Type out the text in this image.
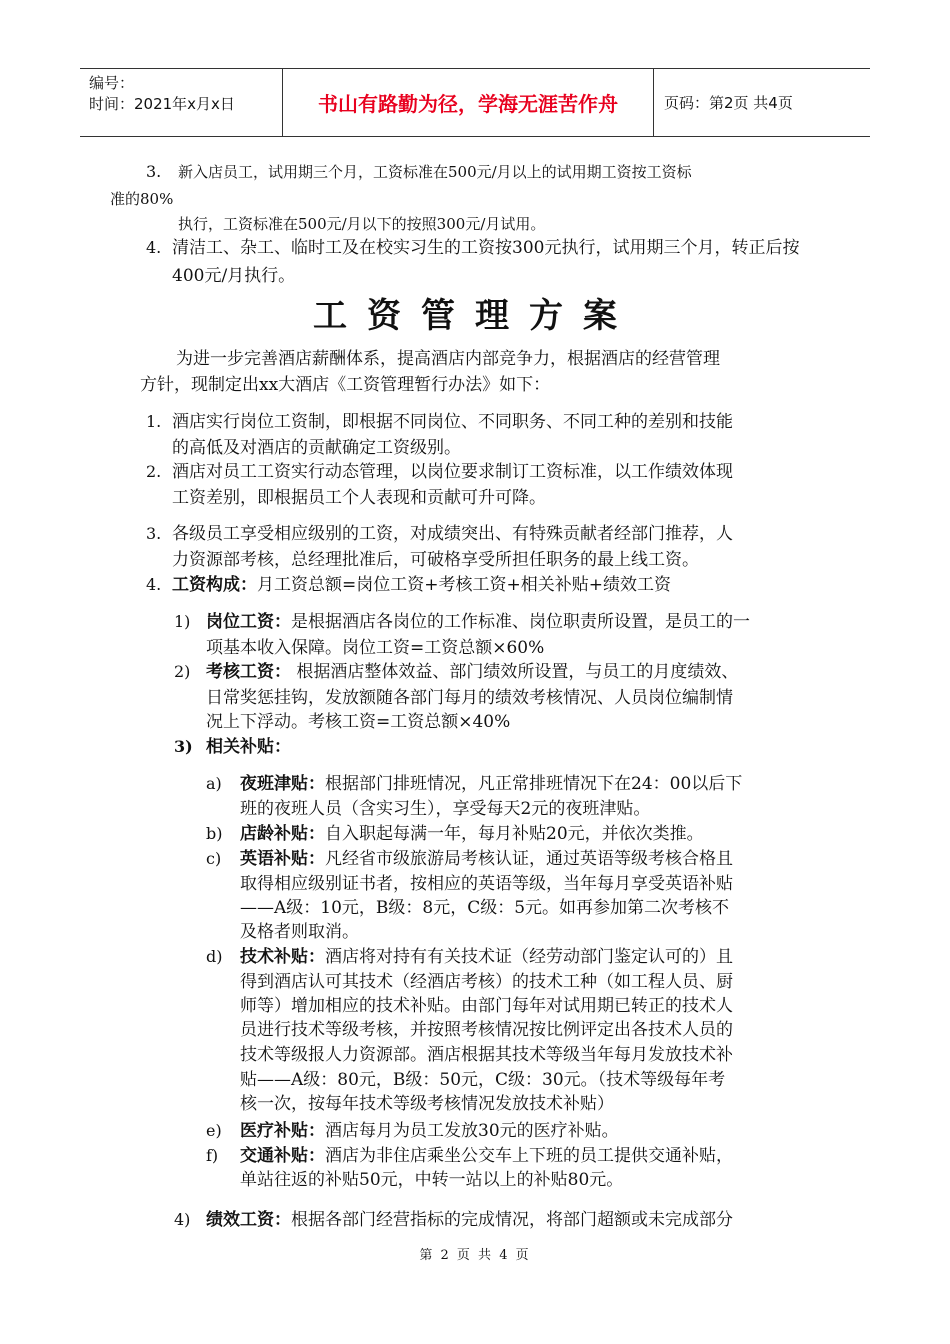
编号：
时间：2021年x月x日	书山有路勤为径，学海无涯苦作舟	页码：第2页 共4页
3. 新入店员工，试用期三个月，工资标准在500元/月以上的试用期工资按工资标
准的80%
执行，工资标准在500元/月以下的按照300元/月试用。
4. 清洁工、杂工、临时工及在校实习生的工资按300元执行，试用期三个月，转正后按
400元/月执行。
工资管理方案
为进一步完善酒店薪酬体系，提高酒店内部竞争力，根据酒店的经营管理
方针，现制定出xx大酒店《工资管理暂行办法》如下：
1. 酒店实行岗位工资制，即根据不同岗位、不同职务、不同工种的差别和技能
的高低及对酒店的贡献确定工资级别。
2. 酒店对员工工资实行动态管理，以岗位要求制订工资标准，以工作绩效体现
工资差别，即根据员工个人表现和贡献可升可降。
3. 各级员工享受相应级别的工资，对成绩突出、有特殊贡献者经部门推荐，人
力资源部考核，总经理批准后，可破格享受所担任职务的最上线工资。
4. 工资构成：月工资总额=岗位工资+考核工资+相关补贴+绩效工资
1) 岗位工资：是根据酒店各岗位的工作标准、岗位职责所设置，是员工的一
项基本收入保障。岗位工资=工资总额×60%
2) 考核工资： 根据酒店整体效益、部门绩效所设置，与员工的月度绩效、
日常奖惩挂钩，发放额随各部门每月的绩效考核情况、人员岗位编制情
况上下浮动。考核工资=工资总额×40%
3) 相关补贴：
a) 夜班津贴：根据部门排班情况，凡正常排班情况下在24：00以后下
班的夜班人员（含实习生），享受每天2元的夜班津贴。
b) 店龄补贴：自入职起每满一年，每月补贴20元，并依次类推。
c) 英语补贴：凡经省市级旅游局考核认证，通过英语等级考核合格且
取得相应级别证书者，按相应的英语等级，当年每月享受英语补贴
——A级：10元，B级：8元，C级：5元。如再参加第二次考核不
及格者则取消。
d) 技术补贴：酒店将对持有有关技术证（经劳动部门鉴定认可的）且
得到酒店认可其技术（经酒店考核）的技术工种（如工程人员、厨
师等）增加相应的技术补贴。由部门每年对试用期已转正的技术人
员进行技术等级考核，并按照考核情况按比例评定出各技术人员的
技术等级报人力资源部。酒店根据其技术等级当年每月发放技术补
贴——A级：80元，B级：50元，C级：30元。（技术等级每年考
核一次，按每年技术等级考核情况发放技术补贴）
e) 医疗补贴：酒店每月为员工发放30元的医疗补贴。
f) 交通补贴：酒店为非住店乘坐公交车上下班的员工提供交通补贴，
单站往返的补贴50元，中转一站以上的补贴80元。
4) 绩效工资：根据各部门经营指标的完成情况，将部门超额或未完成部分
第 2 页 共 4 页
